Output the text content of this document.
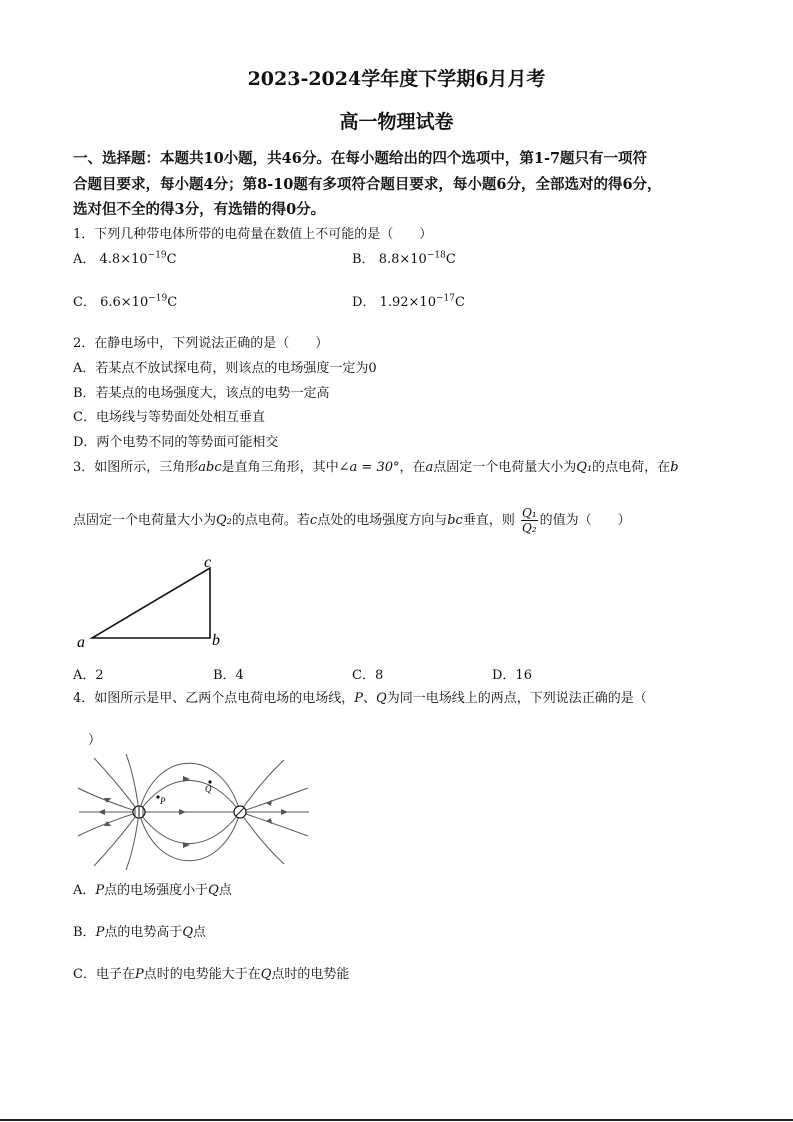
2023-2024学年度下学期6月月考
高一物理试卷
一、选择题：本题共10小题，共46分。在每小题给出的四个选项中，第1-7题只有一项符
合题目要求，每小题4分；第8-10题有多项符合题目要求，每小题6分，全部选对的得6分，
选对但不全的得3分，有选错的得0分。
1．下列几种带电体所带的电荷量在数值上不可能的是（　　）
A． $4.8\times 10^{-19}C$	B． $8.8\times 10^{-18}C$
C． $6.6\times 10^{-19}C$	D． $1.92\times 10^{-17}C$
2．在静电场中，下列说法正确的是（　　）
A．若某点不放试探电荷，则该点的电场强度一定为0
B．若某点的电场强度大，该点的电势一定高
C．电场线与等势面处处相互垂直
D．两个电势不同的等势面可能相交
3．如图所示，三角形abc是直角三角形，其中∠a = 30°，在a点固定一个电荷量大小为Q₁的点电荷，在b
点固定一个电荷量大小为Q₂的点电荷。若c点处的电场强度方向与bc垂直，则 $\frac{\text{Q₁}}{\text{Q₂}}$ 的值为（　　）
a	b
c
A．2	B．4	C．8	D．16
4．如图所示是甲、乙两个点电荷电场的电场线，P、Q为同一电场线上的两点，下列说法正确的是（
）
P
Q
A．P点的电场强度小于Q点
B．P点的电势高于Q点
C．电子在P点时的电势能大于在Q点时的电势能
